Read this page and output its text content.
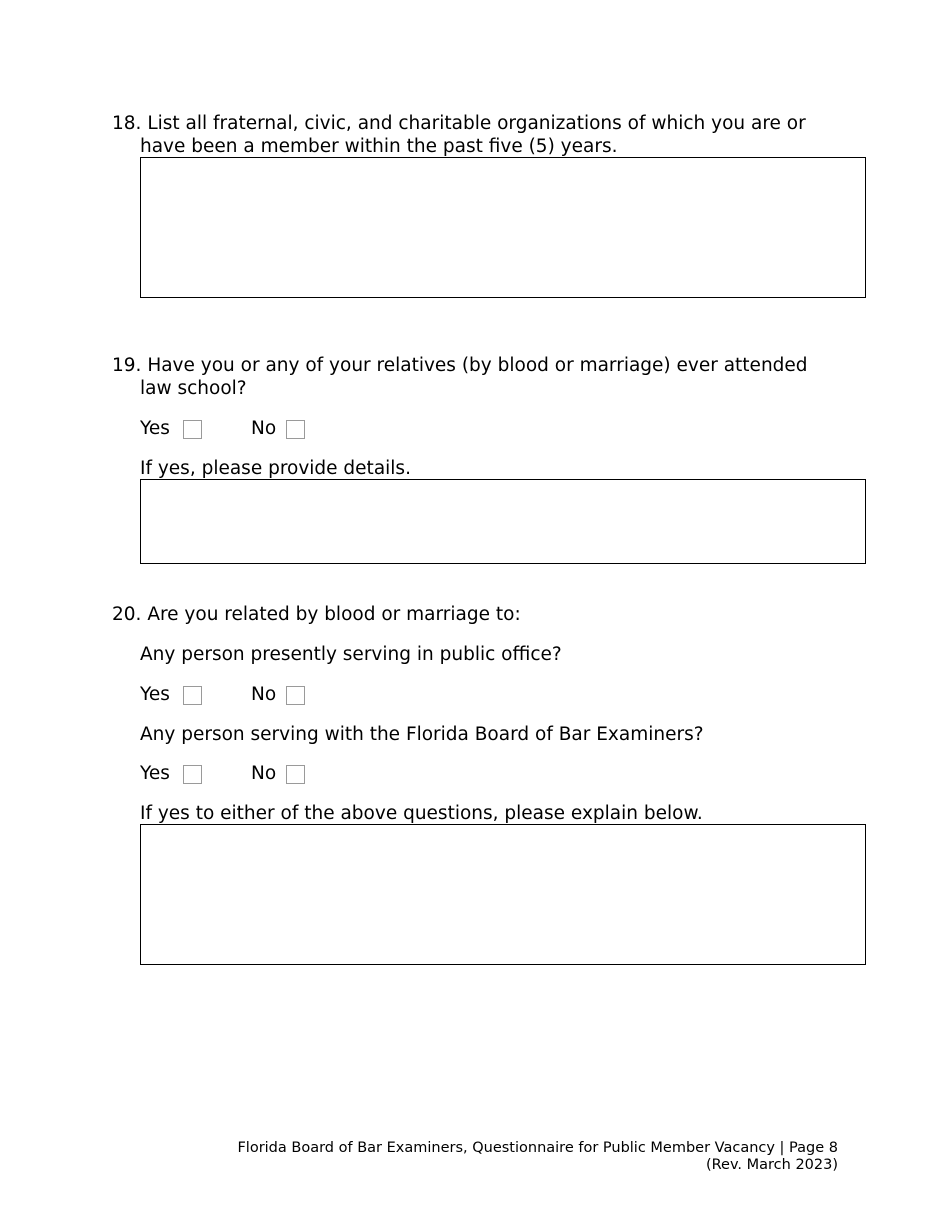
18. List all fraternal, civic, and charitable organizations of which you are or
have been a member within the past five (5) years.
19. Have you or any of your relatives (by blood or marriage) ever attended
law school?
Yes	No
If yes, please provide details.
20. Are you related by blood or marriage to:
Any person presently serving in public office?
Yes	No
Any person serving with the Florida Board of Bar Examiners?
Yes	No
If yes to either of the above questions, please explain below.
Florida Board of Bar Examiners, Questionnaire for Public Member Vacancy | Page 8
(Rev. March 2023)
